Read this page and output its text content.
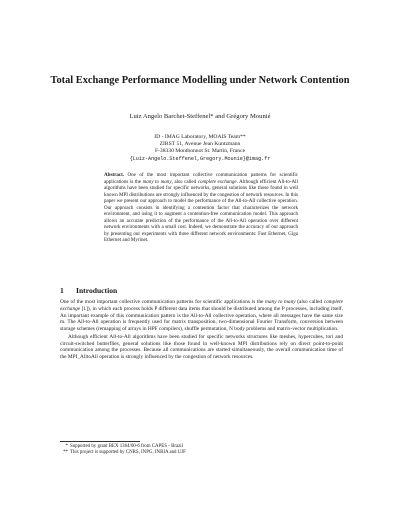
Total Exchange Performance Modelling under Network Contention
Luiz Angelo Barchet-Steffenel* and Grégory Mounié
ID - IMAG Laboratory, MOAIS Team**
ZIRST 51, Avenue Jean Kuntzmann
F-38330 Montbonnot St. Martin, France
{Luiz-Angelo.Steffenel,Gregory.Mounie}@imag.fr
Abstract. One of the most important collective communication patterns for scientific applications is the many to many, also called complete exchange. Although efficient All-to-All algorithms have been studied for specific networks, general solutions like those found in well known MPI distributions are strongly influenced by the congestion of network resources. In this paper we present our approach to model the performance of the All-to-All collective operation. Our approach consists in identifying a contention factor that characterizes the network environment, and using it to augment a contention-free communication model. This approach allows an accurate prediction of the performance of the All-to-All operation over different network environments with a small cost. Indeed, we demonstrate the accuracy of our approach by presenting our experiments with three different network environments: Fast Ethernet, Giga Ethernet and Myrinet.
1 Introduction

One of the most important collective communication patterns for scientific applications is the many to many (also called complete exchange [1]), in which each process holds P different data items that should be distributed among the P processes, including itself. An important example of this communication pattern is the All-to-All collective operation, where all messages have the same size m. The All-to-All operation is frequently used for matrix transposition, two-dimensional Fourier Transform, conversion between storage schemes (remapping of arrays in HPF compilers), shuffle permutation, N body problems and matrix-vector multiplication.

Although efficient All-to-All algorithms have been studied for specific networks structures like meshes, hypercubes, tori and circuit-switched butterflies, general solutions like those found in well-known MPI distributions rely on direct point-to-point communication among the processes. Because all communications are started simultaneously, the overall communication time of the MPI_AlltoAll operation is strongly influenced by the congestion of network resources.

* Supported by grant BEX 1364/00-6 from CAPES - Brazil
** This project is supported by CNRS, INPG, INRIA and UJF
